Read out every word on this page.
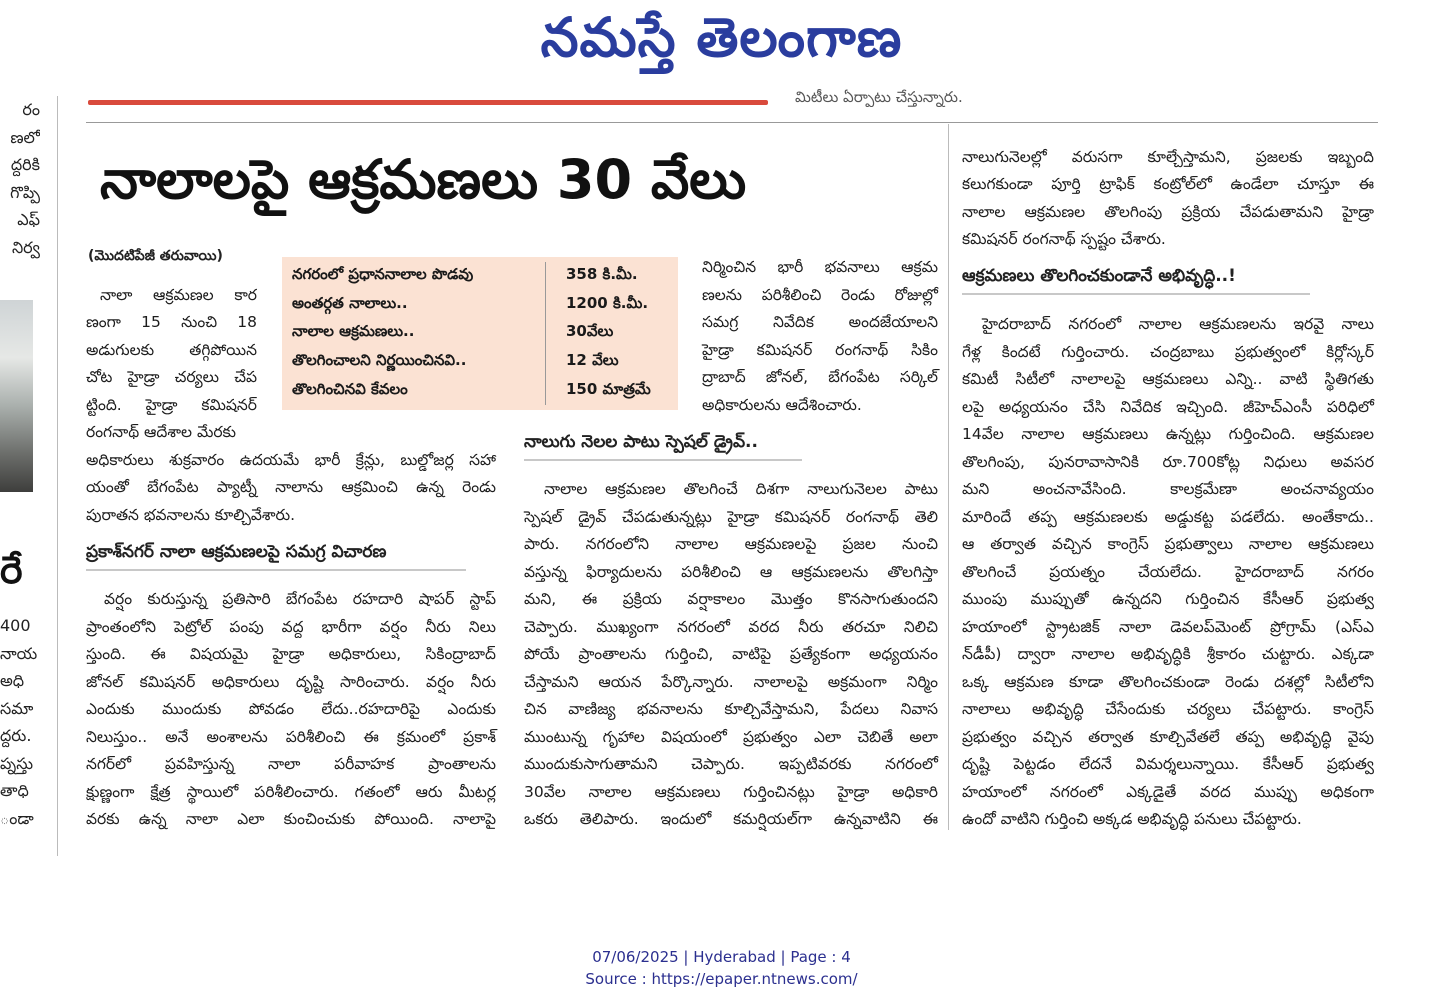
నమస్తే తెలంగాణ
మిటీలు ఏర్పాటు చేస్తున్నారు.
రం
ణలో
ద్దరికి
గొప్పి
ఎఫ్
నిర్వ
రే
400
నాయ
అధి
సమా
ద్దరు.
ప్నస్తు
తాధి
ండా
నాలాలపై ఆక్రమణలు 30 వేలు
(మొదటిపేజీ తరువాయి)
నగరంలో ప్రధాననాలాల పొడవు	358 కి.మీ.
అంతర్గత నాలాలు..	1200 కి.మీ.
నాలాల ఆక్రమణలు..	30వేలు
తొలగించాలని నిర్ణయించినవి..	12 వేలు
తొలగించినవి కేవలం	150 మాత్రమే
నాలా ఆక్రమణల కార
ణంగా 15 నుంచి 18
అడుగులకు తగ్గిపోయిన
చోట హైడ్రా చర్యలు చేప
ట్టింది. హైడ్రా కమిషనర్
రంగనాథ్ ఆదేశాల మేరకు
అధికారులు శుక్రవారం ఉదయమే భారీ క్రేన్లు, బుల్డోజర్ల సహా
యంతో బేగంపేట ప్యాట్నీ నాలాను ఆక్రమించి ఉన్న రెండు
పురాతన భవనాలను కూల్చివేశారు.
ప్రకాశ్‌నగర్ నాలా ఆక్రమణలపై సమగ్ర విచారణ
వర్షం కురుస్తున్న ప్రతిసారి బేగంపేట రహదారి షాపర్ స్టాప్
ప్రాంతంలోని పెట్రోల్ పంపు వద్ద భారీగా వర్షం నీరు నిలు
స్తుంది. ఈ విషయమై హైడ్రా అధికారులు, సికింద్రాబాద్
జోనల్ కమిషనర్ అధికారులు దృష్టి సారించారు. వర్షం నీరు
ఎందుకు ముందుకు పోవడం లేదు..రహదారిపై ఎందుకు
నిలుస్తుం.. అనే అంశాలను పరిశీలించి ఈ క్రమంలో ప్రకాశ్
నగర్‌లో ప్రవహిస్తున్న నాలా పరీవాహక ప్రాంతాలను
క్షుణ్ణంగా క్షేత్ర స్థాయిలో పరిశీలించారు. గతంలో ఆరు మీటర్ల
వరకు ఉన్న నాలా ఎలా కుంచించుకు పోయింది. నాలాపై
నిర్మించిన భారీ భవనాలు ఆక్రమ
ణలను పరిశీలించి రెండు రోజుల్లో
సమగ్ర నివేదిక అందజేయాలని
హైడ్రా కమిషనర్ రంగనాథ్ సికిం
ద్రాబాద్ జోనల్, బేగంపేట సర్కిల్
అధికారులను ఆదేశించారు.
నాలుగు నెలల పాటు స్పెషల్ డ్రైవ్..
నాలాల ఆక్రమణల తొలగించే దిశగా నాలుగునెలల పాటు
స్పెషల్ డ్రైవ్ చేపడుతున్నట్లు హైడ్రా కమిషనర్ రంగనాథ్ తెలి
పారు. నగరంలోని నాలాల ఆక్రమణలపై ప్రజల నుంచి
వస్తున్న ఫిర్యాదులను పరిశీలించి ఆ ఆక్రమణలను తొలగిస్తా
మని, ఈ ప్రక్రియ వర్షాకాలం మొత్తం కొనసాగుతుందని
చెప్పారు. ముఖ్యంగా నగరంలో వరద నీరు తరచూ నిలిచి
పోయే ప్రాంతాలను గుర్తించి, వాటిపై ప్రత్యేకంగా అధ్యయనం
చేస్తామని ఆయన పేర్కొన్నారు. నాలాలపై అక్రమంగా నిర్మిం
చిన వాణిజ్య భవనాలను కూల్చివేస్తామని, పేదలు నివాస
ముంటున్న గృహాల విషయంలో ప్రభుత్వం ఎలా చెబితే అలా
ముందుకుసాగుతామని చెప్పారు. ఇప్పటివరకు నగరంలో
30వేల నాలాల ఆక్రమణలు గుర్తించినట్లు హైడ్రా అధికారి
ఒకరు తెలిపారు. ఇందులో కమర్షియల్‌గా ఉన్నవాటిని ఈ
నాలుగునెలల్లో వరుసగా కూల్చేస్తామని, ప్రజలకు ఇబ్బంది
కలుగకుండా పూర్తి ట్రాఫిక్ కంట్రోల్‌లో ఉండేలా చూస్తూ ఈ
నాలాల ఆక్రమణల తొలగింపు ప్రక్రియ చేపడుతామని హైడ్రా
కమిషనర్ రంగనాథ్ స్పష్టం చేశారు.
ఆక్రమణలు తొలగించకుండానే అభివృద్ధి..!
హైదరాబాద్ నగరంలో నాలాల ఆక్రమణలను ఇరవై నాలు
గేళ్ల కిందటే గుర్తించారు. చంద్రబాబు ప్రభుత్వంలో కిర్లోస్కర్
కమిటీ సిటీలో నాలాలపై ఆక్రమణలు ఎన్ని.. వాటి స్థితిగతు
లపై అధ్యయనం చేసి నివేదిక ఇచ్చింది. జీహెచ్‌ఎంసీ పరిధిలో
14వేల నాలాల ఆక్రమణలు ఉన్నట్లు గుర్తించింది. ఆక్రమణల
తొలగింపు, పునరావాసానికి రూ.700కోట్ల నిధులు అవసర
మని అంచనావేసింది. కాలక్రమేణా అంచనావ్యయం
మారిందే తప్ప ఆక్రమణలకు అడ్డుకట్ట పడలేదు. అంతేకాదు..
ఆ తర్వాత వచ్చిన కాంగ్రెస్ ప్రభుత్వాలు నాలాల ఆక్రమణలు
తొలగించే ప్రయత్నం చేయలేదు. హైదరాబాద్ నగరం
ముంపు ముప్పుతో ఉన్నదని గుర్తించిన కేసీఆర్ ప్రభుత్వ
హయాంలో స్ట్రాటజిక్ నాలా డెవలప్‌మెంట్ ప్రోగ్రామ్ (ఎస్‌ఎ
న్‌డీపీ) ద్వారా నాలాల అభివృద్ధికి శ్రీకారం చుట్టారు. ఎక్కడా
ఒక్క ఆక్రమణ కూడా తొలగించకుండా రెండు దశల్లో సిటీలోని
నాలాలు అభివృద్ధి చేసేందుకు చర్యలు చేపట్టారు. కాంగ్రెస్
ప్రభుత్వం వచ్చిన తర్వాత కూల్చివేతలే తప్ప అభివృద్ధి వైపు
దృష్టి పెట్టడం లేదనే విమర్శలున్నాయి. కేసీఆర్ ప్రభుత్వ
హయాంలో నగరంలో ఎక్కడైతే వరద ముప్పు అధికంగా
ఉందో వాటిని గుర్తించి అక్కడ అభివృద్ధి పనులు చేపట్టారు.
07/06/2025 | Hyderabad | Page : 4
Source : https://epaper.ntnews.com/
